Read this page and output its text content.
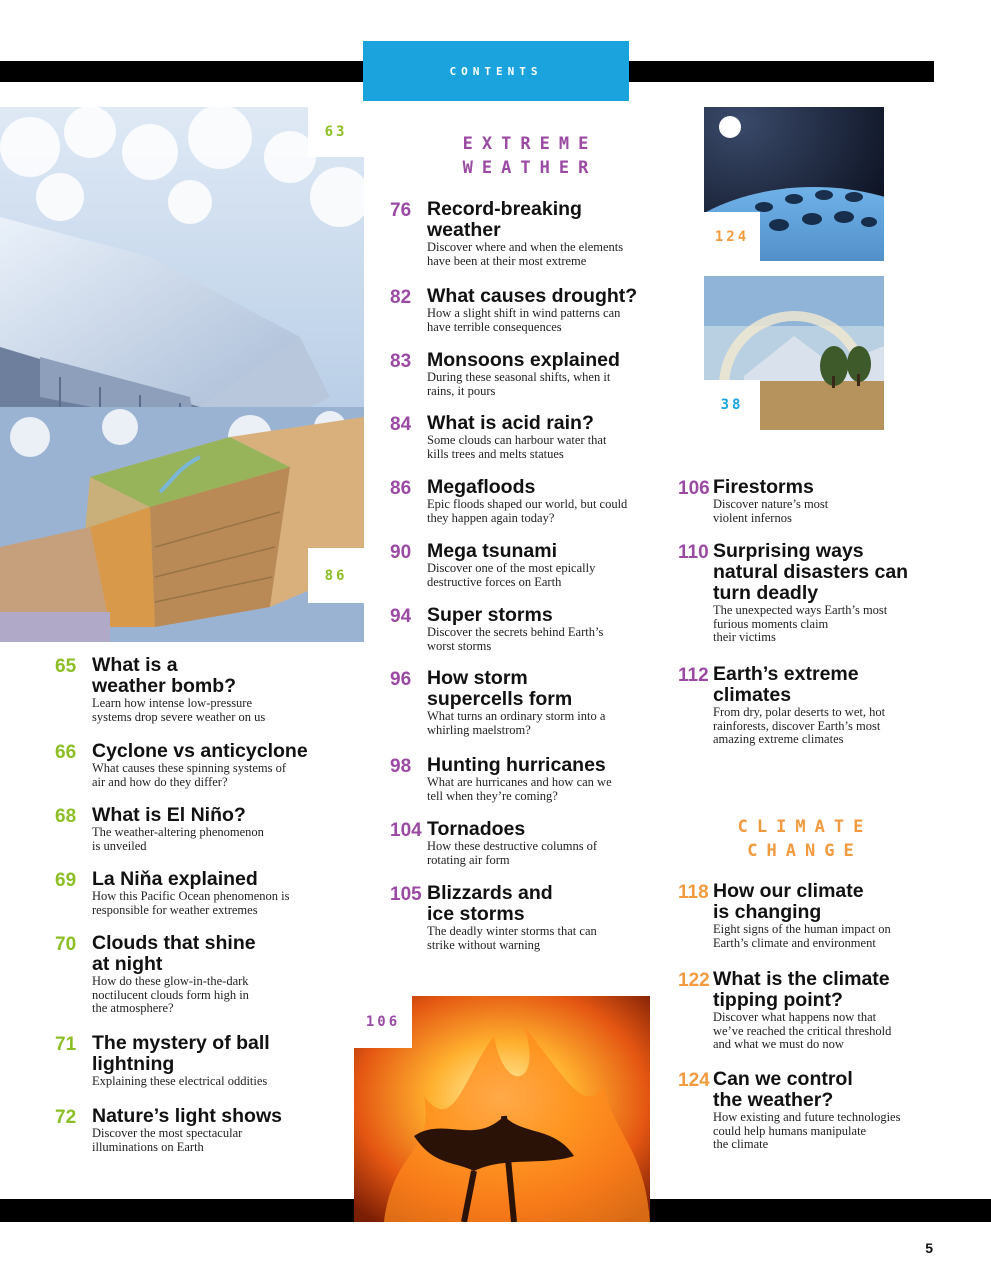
CONTENTS
63
86
124
38
106
EXTREME
WEATHER
CLIMATE
CHANGE
65 What is a
weather bomb?
Learn how intense low-pressure
systems drop severe weather on us
66 Cyclone vs anticyclone
What causes these spinning systems of
air and how do they differ?
68 What is El Niño?
The weather-altering phenomenon
is unveiled
69 La Niňa explained
How this Pacific Ocean phenomenon is
responsible for weather extremes
70 Clouds that shine
at night
How do these glow-in-the-dark
noctilucent clouds form high in
the atmosphere?
71 The mystery of ball
lightning
Explaining these electrical oddities
72 Nature’s light shows
Discover the most spectacular
illuminations on Earth
76 Record-breaking
weather
Discover where and when the elements
have been at their most extreme
82 What causes drought?
How a slight shift in wind patterns can
have terrible consequences
83 Monsoons explained
During these seasonal shifts, when it
rains, it pours
84 What is acid rain?
Some clouds can harbour water that
kills trees and melts statues
86 Megafloods
Epic floods shaped our world, but could
they happen again today?
90 Mega tsunami
Discover one of the most epically
destructive forces on Earth
94 Super storms
Discover the secrets behind Earth’s
worst storms
96 How storm
supercells form
What turns an ordinary storm into a
whirling maelstrom?
98 Hunting hurricanes
What are hurricanes and how can we
tell when they’re coming?
104 Tornadoes
How these destructive columns of
rotating air form
105 Blizzards and
ice storms
The deadly winter storms that can
strike without warning
106 Firestorms
Discover nature’s most
violent infernos
110 Surprising ways
natural disasters can
turn deadly
The unexpected ways Earth’s most
furious moments claim
their victims
112 Earth’s extreme
climates
From dry, polar deserts to wet, hot
rainforests, discover Earth’s most
amazing extreme climates
118 How our climate
is changing
Eight signs of the human impact on
Earth’s climate and environment
122 What is the climate
tipping point?
Discover what happens now that
we’ve reached the critical threshold
and what we must do now
124 Can we control
the weather?
How existing and future technologies
could help humans manipulate
the climate
5
